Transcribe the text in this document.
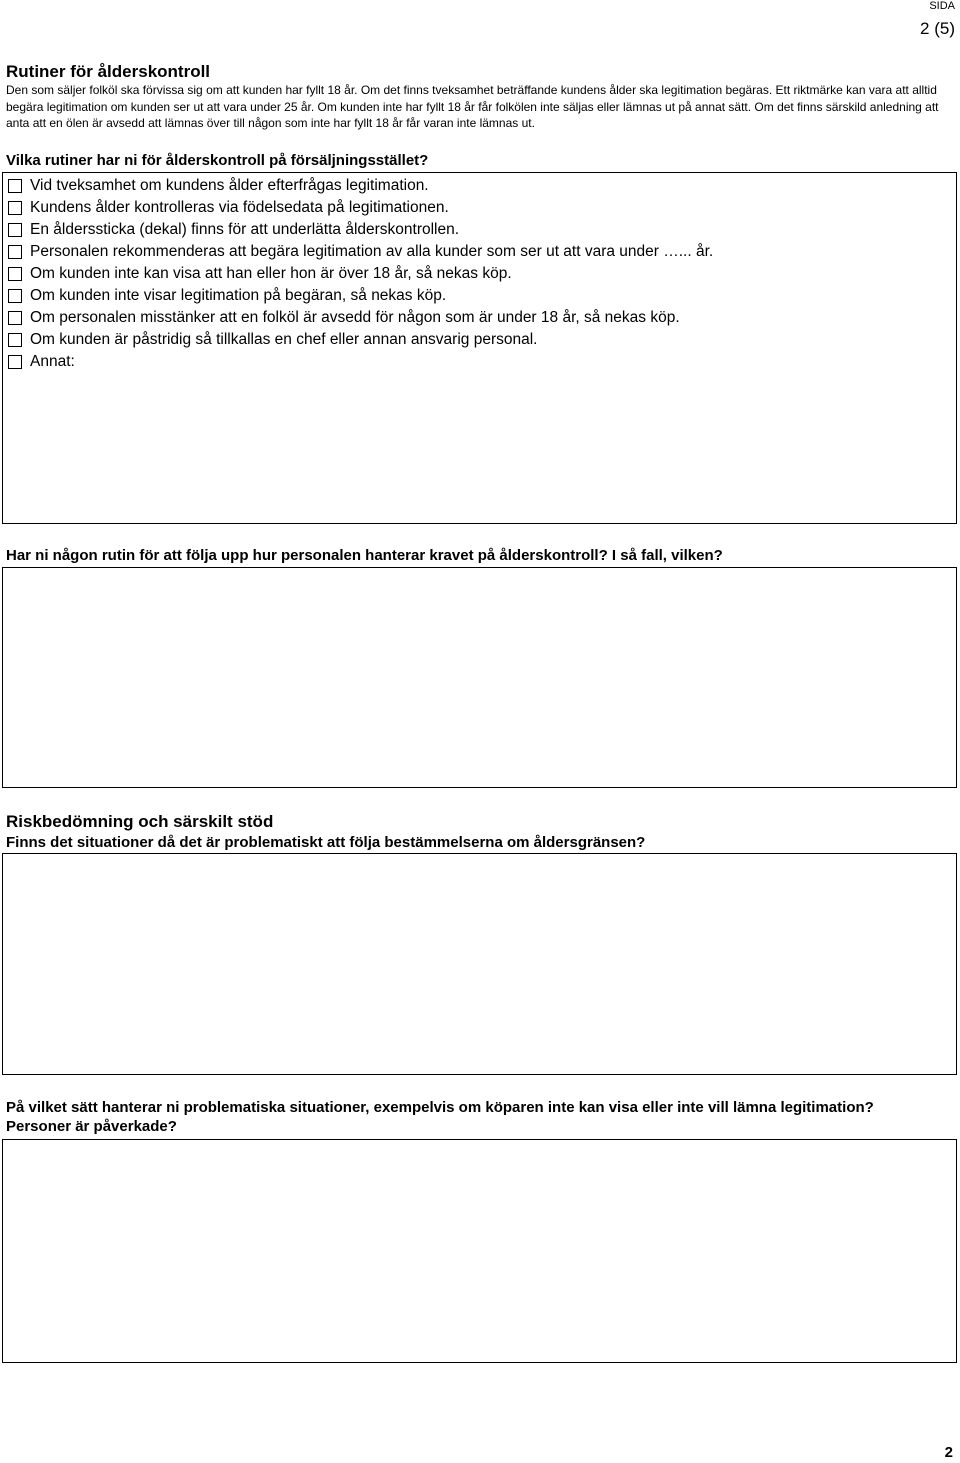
SIDA
2 (5)
Rutiner för ålderskontroll
Den som säljer folköl ska förvissa sig om att kunden har fyllt 18 år. Om det finns tveksamhet beträffande kundens ålder ska legitimation begäras. Ett riktmärke kan vara att alltid begära legitimation om kunden ser ut att vara under 25 år. Om kunden inte har fyllt 18 år får folkölen inte säljas eller lämnas ut på annat sätt. Om det finns särskild anledning att anta att en ölen är avsedd att lämnas över till någon som inte har fyllt 18 år får varan inte lämnas ut.
Vilka rutiner har ni för ålderskontroll på försäljningsstället?
Vid tveksamhet om kundens ålder efterfrågas legitimation.
Kundens ålder kontrolleras via födelsedata på legitimationen.
En ålderssticka (dekal) finns för att underlätta ålderskontrollen.
Personalen rekommenderas att begära legitimation av alla kunder som ser ut att vara under …... år.
Om kunden inte kan visa att han eller hon är över 18 år, så nekas köp.
Om kunden inte visar legitimation på begäran, så nekas köp.
Om personalen misstänker att en folköl är avsedd för någon som är under 18 år, så nekas köp.
Om kunden är påstridig så tillkallas en chef eller annan ansvarig personal.
Annat:
Har ni någon rutin för att följa upp hur personalen hanterar kravet på ålderskontroll? I så fall, vilken?
Riskbedömning och särskilt stöd
Finns det situationer då det är problematiskt att följa bestämmelserna om åldersgränsen?
På vilket sätt hanterar ni problematiska situationer, exempelvis om köparen inte kan visa eller inte vill lämna legitimation? Personer är påverkade?
2
